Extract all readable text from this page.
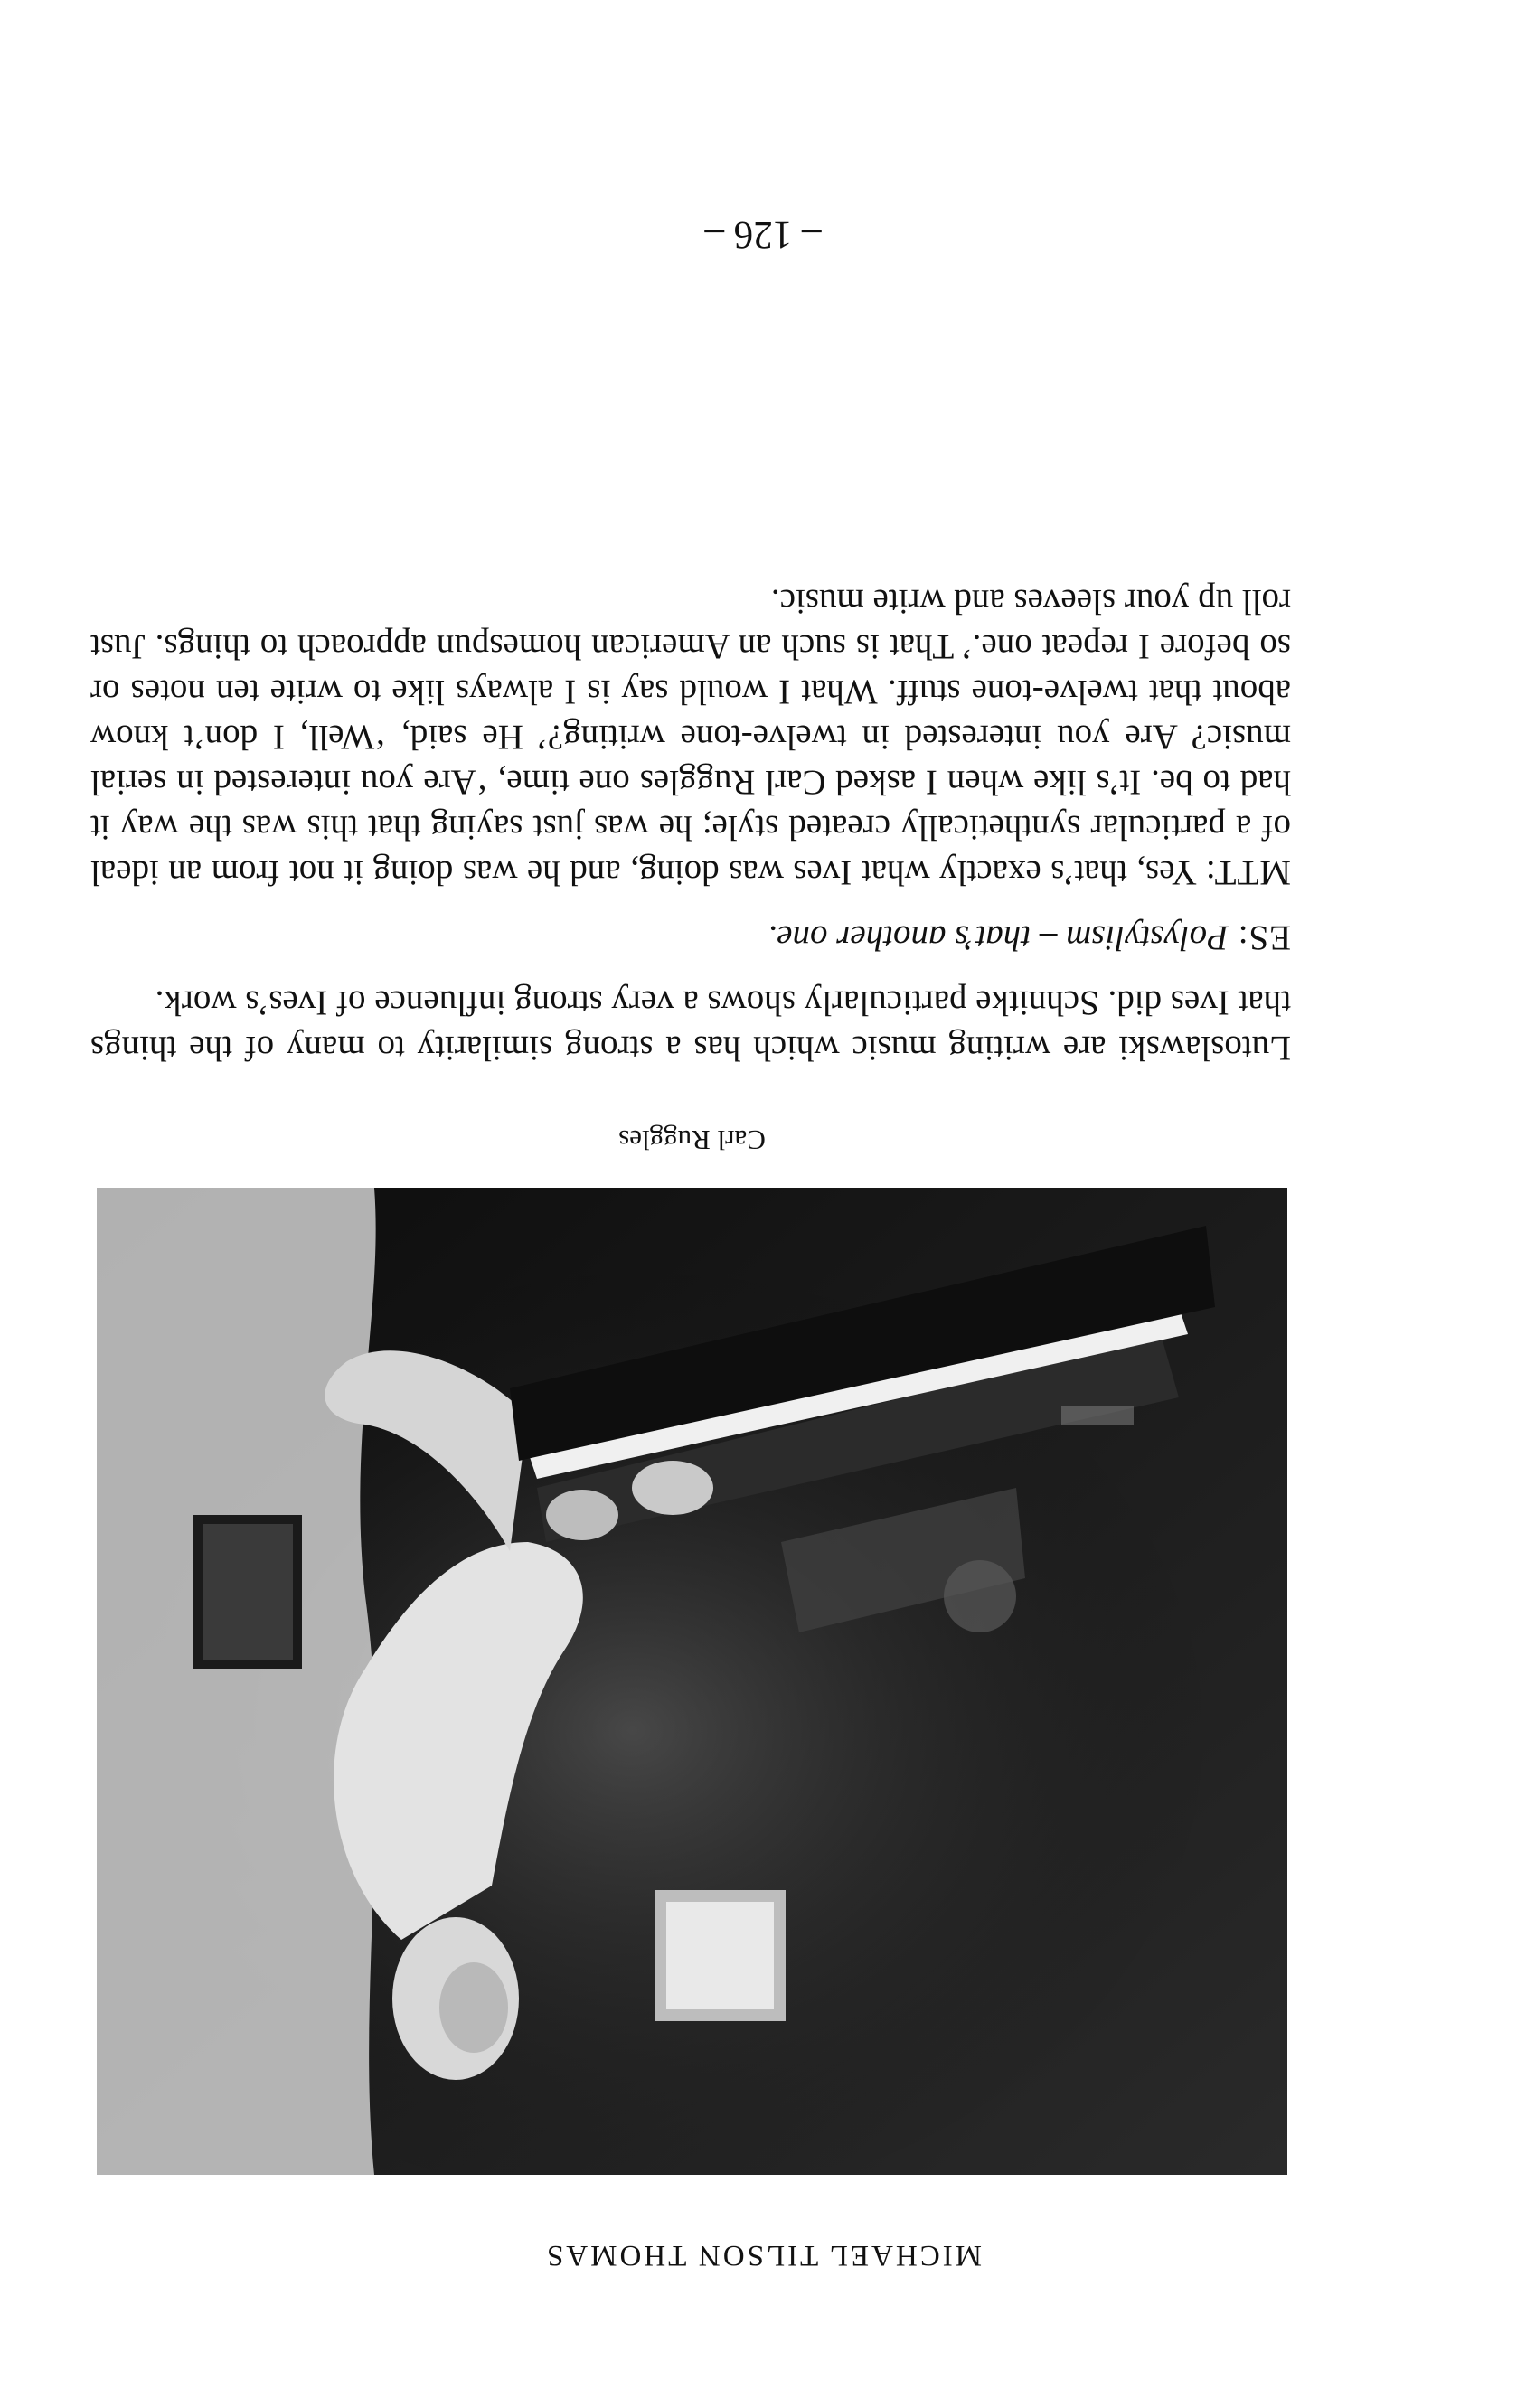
MICHAEL TILSON THOMAS
Carl Ruggles

Lutoslawski are writing music which has a strong similarity to many of the things that Ives did. Schnitke particularly shows a very strong influence of Ives’s work.

ES: Polystylism – that’s another one.

MTT: Yes, that’s exactly what Ives was doing, and he was doing it not from an ideal of a particular synthetically created style; he was just saying that this was the way it had to be. It’s like when I asked Carl Ruggles one time, ‘Are you interested in serial music? Are you interested in twelve-tone writing?’ He said, ‘Well, I don’t know about that twelve-tone stuff. What I would say is I always like to write ten notes or so before I repeat one.’ That is such an American homespun approach to things. Just roll up your sleeves and write music.

– 126 –
